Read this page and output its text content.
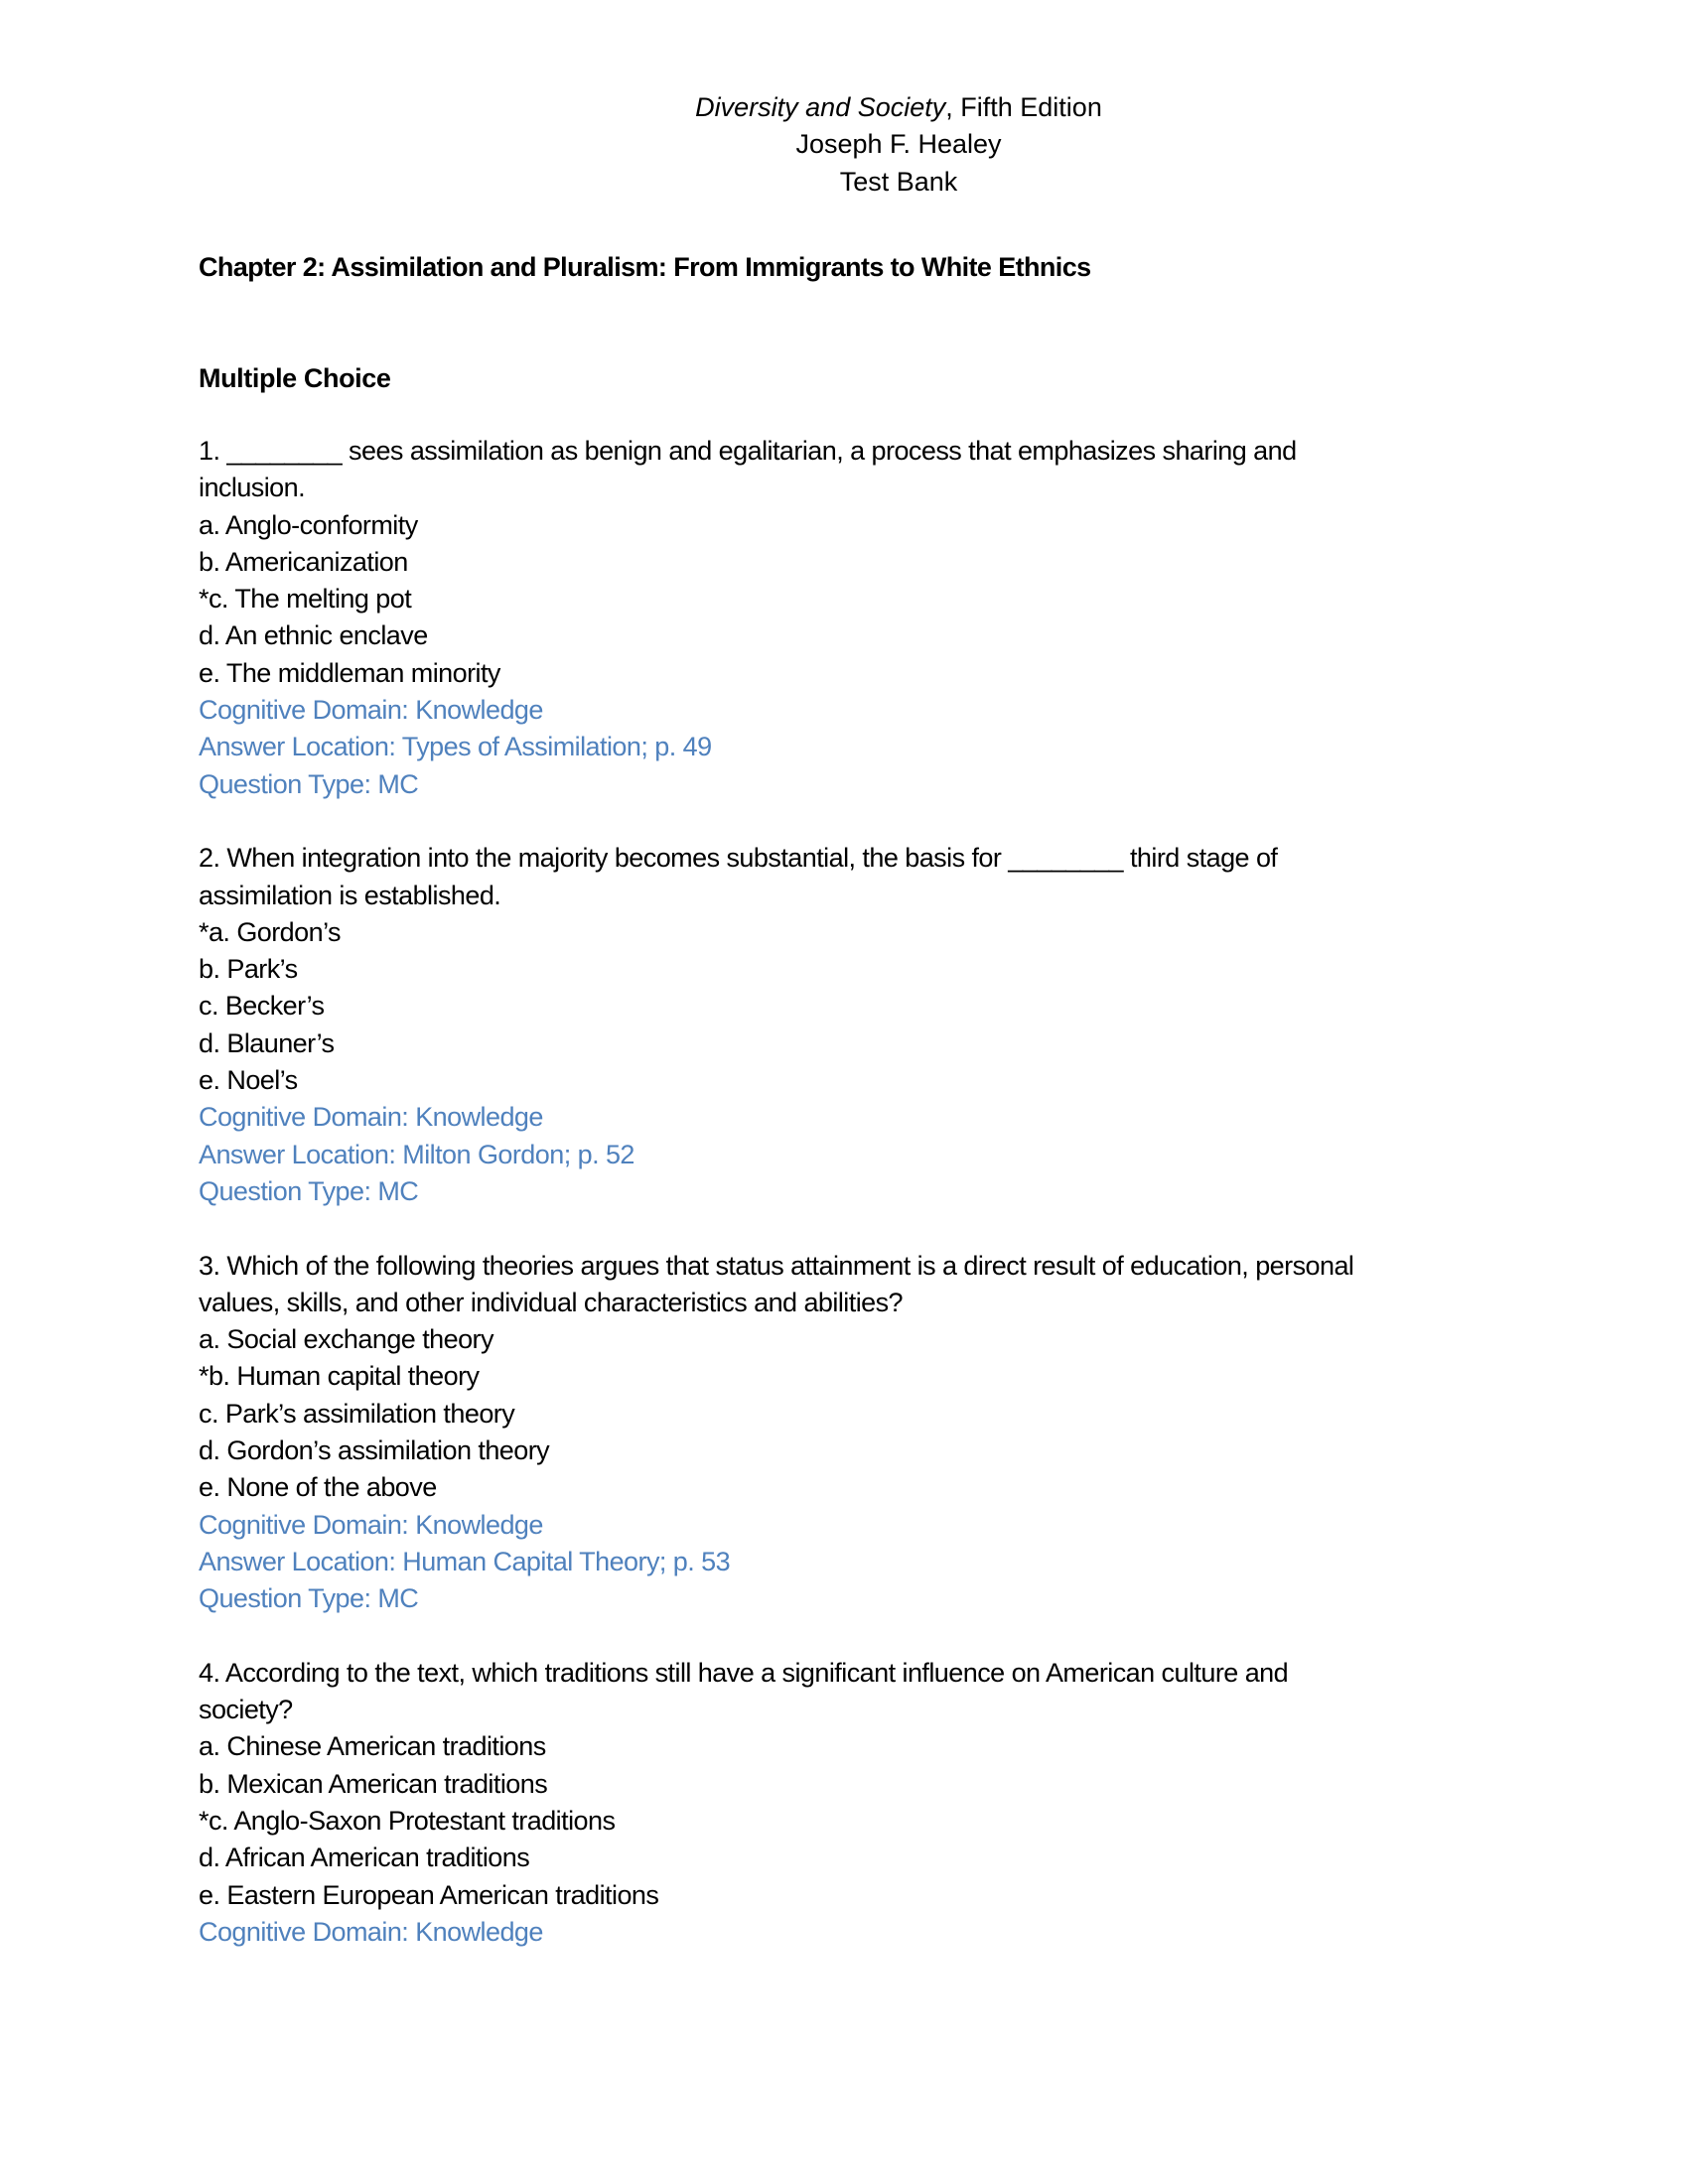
Diversity and Society, Fifth Edition
Joseph F. Healey
Test Bank
Chapter 2: Assimilation and Pluralism: From Immigrants to White Ethnics
Multiple Choice
1. ________ sees assimilation as benign and egalitarian, a process that emphasizes sharing and
inclusion.
a. Anglo-conformity
b. Americanization
*c. The melting pot
d. An ethnic enclave
e. The middleman minority
Cognitive Domain: Knowledge
Answer Location: Types of Assimilation; p. 49
Question Type: MC
2. When integration into the majority becomes substantial, the basis for ________ third stage of
assimilation is established.
*a. Gordon’s
b. Park’s
c. Becker’s
d. Blauner’s
e. Noel’s
Cognitive Domain: Knowledge
Answer Location: Milton Gordon; p. 52
Question Type: MC
3. Which of the following theories argues that status attainment is a direct result of education, personal
values, skills, and other individual characteristics and abilities?
a. Social exchange theory
*b. Human capital theory
c. Park’s assimilation theory
d. Gordon’s assimilation theory
e. None of the above
Cognitive Domain: Knowledge
Answer Location: Human Capital Theory; p. 53
Question Type: MC
4. According to the text, which traditions still have a significant influence on American culture and
society?
a. Chinese American traditions
b. Mexican American traditions
*c. Anglo-Saxon Protestant traditions
d. African American traditions
e. Eastern European American traditions
Cognitive Domain: Knowledge
